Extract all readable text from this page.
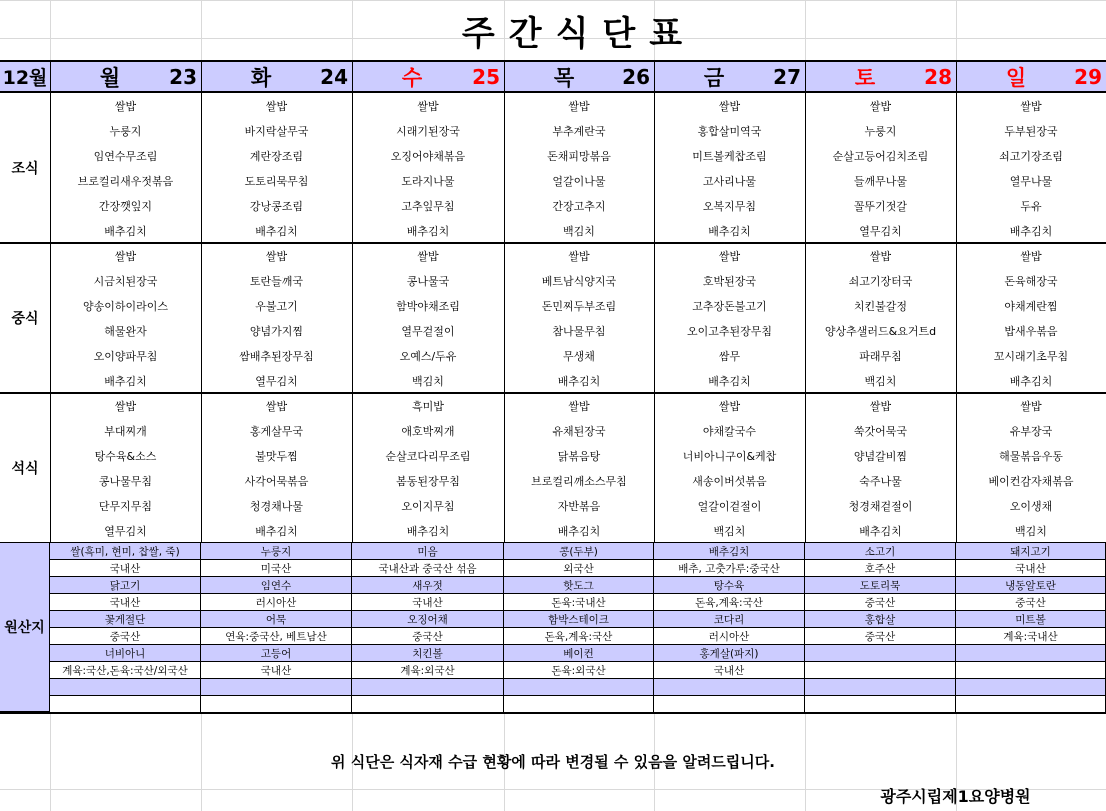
주간식단표
12월	월	23	화	24	수	25	목	26	금	27	토	28	일	29
조식
쌀밥	쌀밥	쌀밥	쌀밥	쌀밥	쌀밥	쌀밥
누룽지	바지락살무국	시래기된장국	부추계란국	홍합살미역국	누룽지	두부된장국
임연수무조림	계란장조림	오징어야채볶음	돈채피망볶음	미트볼케찹조림	순살고등어김치조림	쇠고기장조림
브로컬리새우젓볶음	도토리묵무침	도라지나물	얼갈이나물	고사리나물	들깨무나물	열무나물
간장깻잎지	강낭콩조림	고추잎무침	간장고추지	오복지무침	꼴뚜기젓갈	두유
배추김치	배추김치	배추김치	백김치	배추김치	열무김치	배추김치
중식
쌀밥	쌀밥	쌀밥	쌀밥	쌀밥	쌀밥	쌀밥
시금치된장국	토란들깨국	콩나물국	베트남식양지국	호박된장국	쇠고기장터국	돈육해장국
양송이하이라이스	우불고기	함박야채조림	돈민찌두부조림	고추장돈불고기	치킨불갈정	야채계란찜
해물완자	양념가지찜	열무겉절이	참나물무침	오이고추된장무침	양상추샐러드&요거트d	밥새우볶음
오이양파무침	쌈배추된장무침	오예스/두유	무생채	쌈무	파래무침	꼬시래기초무침
배추김치	열무김치	백김치	배추김치	배추김치	백김치	배추김치
석식
쌀밥	쌀밥	흑미밥	쌀밥	쌀밥	쌀밥	쌀밥
부대찌개	홍게살무국	애호박찌개	유채된장국	야채칼국수	쑥갓어묵국	유부장국
탕수육&소스	불맛두찜	순살코다리무조림	닭볶음탕	너비아니구이&케찹	양념갈비찜	해물볶음우동
콩나물무침	사각어묵볶음	봄동된장무침	브로컬리깨소스무침	새송이버섯볶음	숙주나물	베이컨감자채볶음
단무지무침	청경채나물	오이지무침	자반볶음	얼갈이겉절이	청경채겉절이	오이생채
열무김치	배추김치	배추김치	배추김치	백김치	배추김치	백김치
쌀(흑미, 현미, 찹쌀, 죽)	누룽지	미음	콩(두부)	배추김치	소고기	돼지고기
국내산	미국산	국내산과 중국산 섞음	외국산	배추, 고춧가루:중국산	호주산	국내산
닭고기	임연수	새우젓	핫도그	탕수육	도토리묵	냉동알토란
국내산	러시아산	국내산	돈육:국내산	돈육,계육:국산	중국산	중국산
꽃게절단	어묵	오징어채	함박스테이크	코다리	홍합살	미트볼
중국산	연육:중국산, 베트남산	중국산	돈육,계육:국산	러시아산	중국산	계육:국내산
너비아니	고등어	치킨볼	베이컨	홍게살(파지)
계육:국산,돈육:국산/외국산	국내산	계육:외국산	돈육:외국산	국내산
원산지
위 식단은 식자재 수급 현황에 따라 변경될 수 있음을 알려드립니다.
광주시립제1요양병원
